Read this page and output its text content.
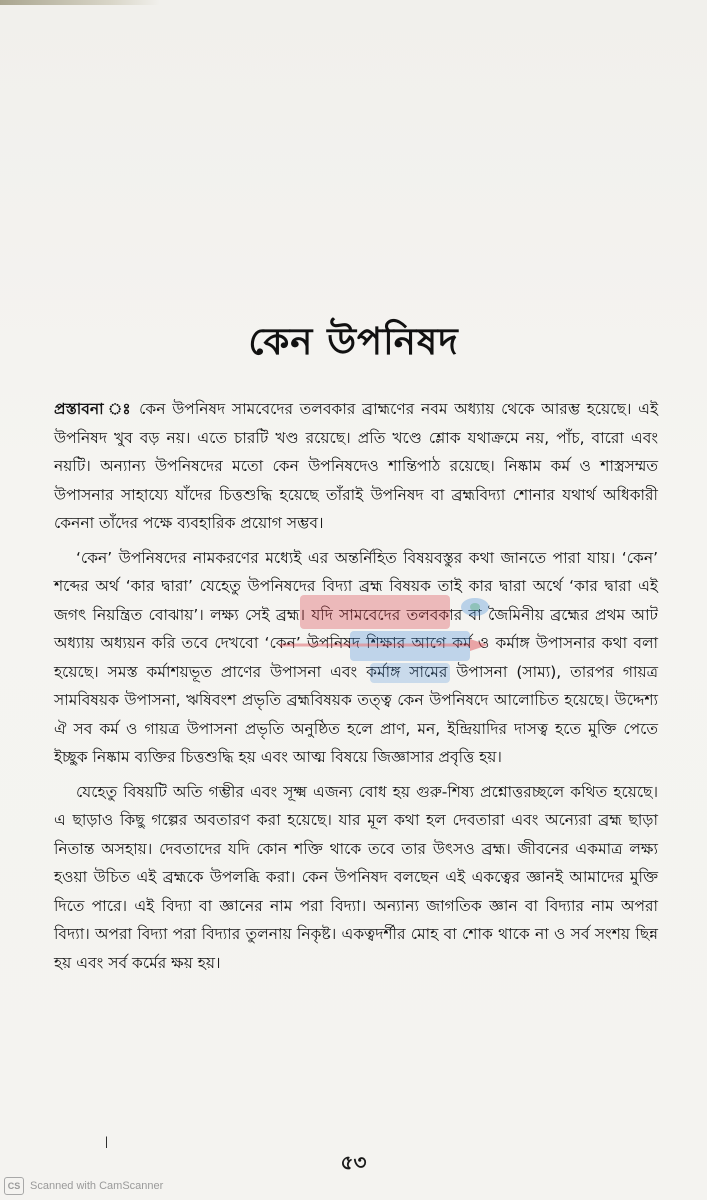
কেন উপনিষদ

প্রস্তাবনা ঃ কেন উপনিষদ সামবেদের তলবকার ব্রাহ্মণের নবম অধ্যায় থেকে আরম্ভ হয়েছে। এই উপনিষদ খুব বড় নয়। এতে চারটি খণ্ড রয়েছে। প্রতি খণ্ডে শ্লোক যথাক্রমে নয়, পাঁচ, বারো এবং নয়টি। অন্যান্য উপনিষদের মতো কেন উপনিষদেও শান্তিপাঠ রয়েছে। নিষ্কাম কর্ম ও শাস্ত্রসম্মত উপাসনার সাহায্যে যাঁদের চিত্তশুদ্ধি হয়েছে তাঁরাই উপনিষদ বা ব্রহ্মবিদ্যা শোনার যথার্থ অধিকারী কেননা তাঁদের পক্ষে ব্যবহারিক প্রয়োগ সম্ভব।

‘কেন’ উপনিষদের নামকরণের মধ্যেই এর অন্তর্নিহিত বিষয়বস্তুর কথা জানতে পারা যায়। ‘কেন’ শব্দের অর্থ ‘কার দ্বারা’ যেহেতু উপনিষদের বিদ্যা ব্রহ্ম বিষয়ক তাই কার দ্বারা অর্থে ‘কার দ্বারা এই জগৎ নিয়ন্ত্রিত বোঝায়’। লক্ষ্য সেই ব্রহ্ম। যদি সামবেদের তলবকার বা জৈমিনীয় ব্রহ্মের প্রথম আট অধ্যায় অধ্যয়ন করি তবে দেখবো ‘কেন’ উপনিষদ শিক্ষার আগে কর্ম ও কর্মাঙ্গ উপাসনার কথা বলা হয়েছে। সমস্ত কর্মাশয়ভূত প্রাণের উপাসনা এবং কর্মাঙ্গ সামের উপাসনা (সাম্য), তারপর গায়ত্র সামবিষয়ক উপাসনা, ঋষিবংশ প্রভৃতি ব্রহ্মবিষয়ক তত্ত্ব কেন উপনিষদে আলোচিত হয়েছে। উদ্দেশ্য ঐ সব কর্ম ও গায়ত্র উপাসনা প্রভৃতি অনুষ্ঠিত হলে প্রাণ, মন, ইন্দ্রিয়াদির দাসত্ব হতে মুক্তি পেতে ইচ্ছুক নিষ্কাম ব্যক্তির চিত্তশুদ্ধি হয় এবং আত্ম বিষয়ে জিজ্ঞাসার প্রবৃত্তি হয়।

যেহেতু বিষয়টি অতি গম্ভীর এবং সূক্ষ্ম এজন্য বোধ হয় গুরু-শিষ্য প্রশ্নোত্তরচ্ছলে কথিত হয়েছে। এ ছাড়াও কিছু গল্পের অবতারণ করা হয়েছে। যার মূল কথা হল দেবতারা এবং অন্যেরা ব্রহ্ম ছাড়া নিতান্ত অসহায়। দেবতাদের যদি কোন শক্তি থাকে তবে তার উৎসও ব্রহ্ম। জীবনের একমাত্র লক্ষ্য হওয়া উচিত এই ব্রহ্মকে উপলব্ধি করা। কেন উপনিষদ বলছেন এই একত্বের জ্ঞানই আমাদের মুক্তি দিতে পারে। এই বিদ্যা বা জ্ঞানের নাম পরা বিদ্যা। অন্যান্য জাগতিক জ্ঞান বা বিদ্যার নাম অপরা বিদ্যা। অপরা বিদ্যা পরা বিদ্যার তুলনায় নিকৃষ্ট। একত্বদর্শীর মোহ বা শোক থাকে না ও সর্ব সংশয় ছিন্ন হয় এবং সর্ব কর্মের ক্ষয় হয়।

৷
৫৩
CS Scanned with CamScanner
